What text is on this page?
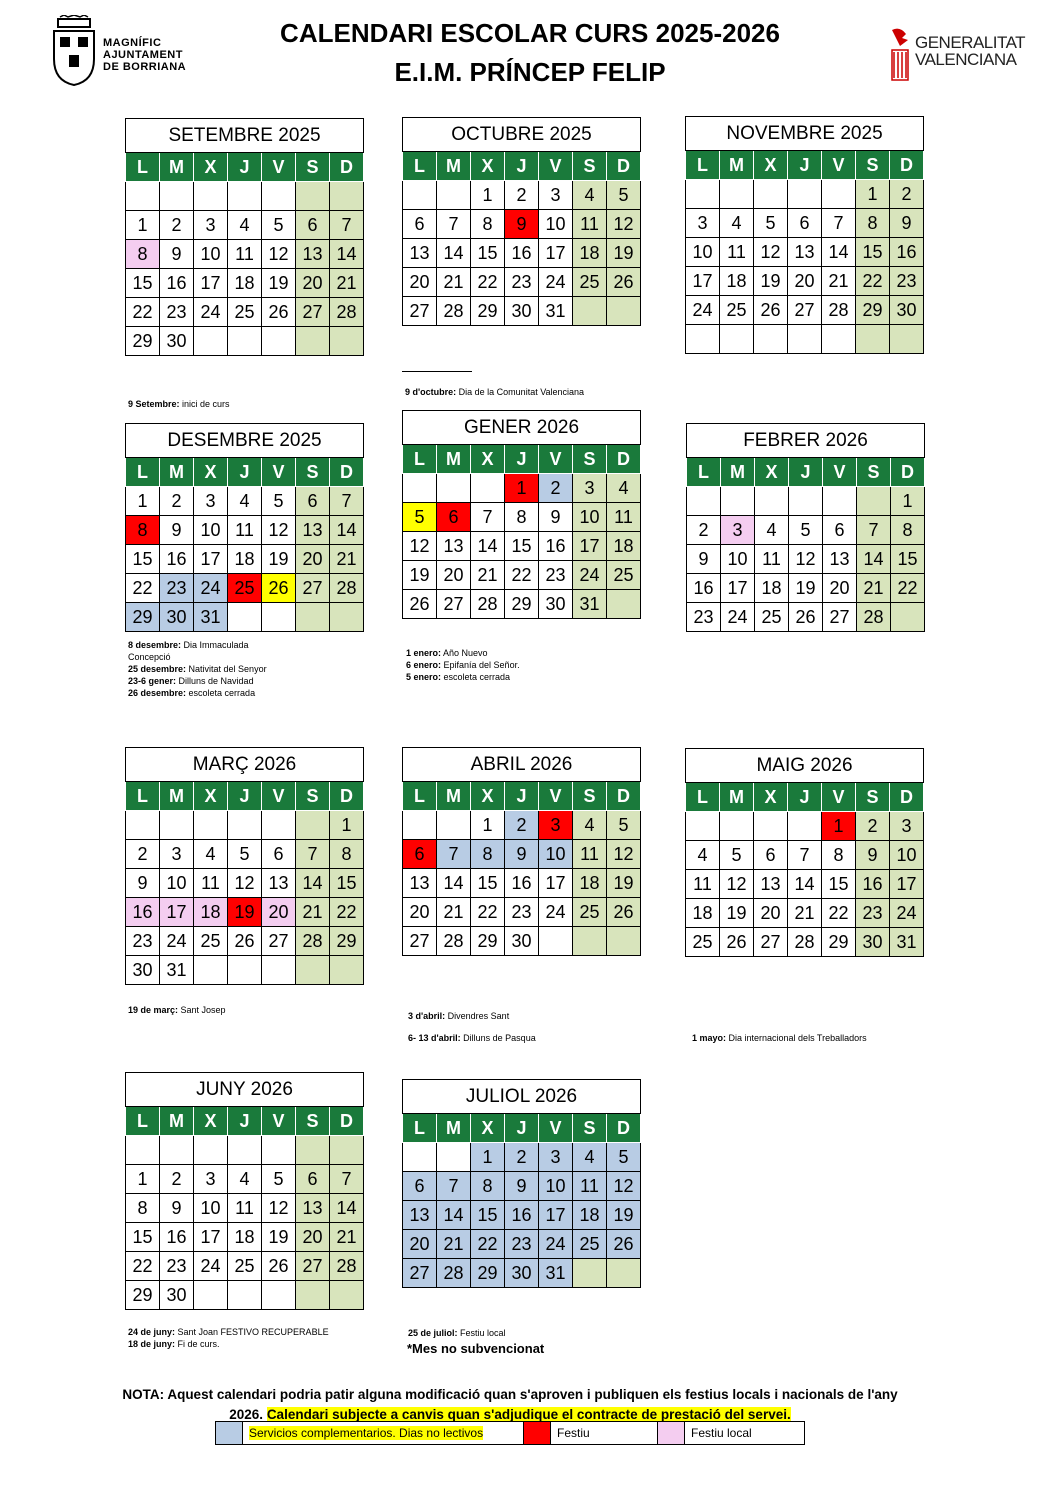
MAGNÍFIC
AJUNTAMENT
DE BORRIANA
CALENDARI ESCOLAR CURS 2025-2026
E.I.M. PRÍNCEP FELIP
GENERALITAT
VALENCIANA
SETEMBRE 2025						
L	M	X	J	V	S	D

1	2	3	4	5	6	7
8	9	10	11	12	13	14
15	16	17	18	19	20	21
22	23	24	25	26	27	28
29	30					
OCTUBRE 2025						
L	M	X	J	V	S	D
		1	2	3	4	5
6	7	8	9	10	11	12
13	14	15	16	17	18	19
20	21	22	23	24	25	26
27	28	29	30	31		
NOVEMBRE 2025						
L	M	X	J	V	S	D
					1	2
3	4	5	6	7	8	9
10	11	12	13	14	15	16
17	18	19	20	21	22	23
24	25	26	27	28	29	30

DESEMBRE 2025						
L	M	X	J	V	S	D
1	2	3	4	5	6	7
8	9	10	11	12	13	14
15	16	17	18	19	20	21
22	23	24	25	26	27	28
29	30	31				
GENER 2026						
L	M	X	J	V	S	D
			1	2	3	4
5	6	7	8	9	10	11
12	13	14	15	16	17	18
19	20	21	22	23	24	25
26	27	28	29	30	31	
FEBRER 2026						
L	M	X	J	V	S	D
						1
2	3	4	5	6	7	8
9	10	11	12	13	14	15
16	17	18	19	20	21	22
23	24	25	26	27	28	
MARÇ 2026						
L	M	X	J	V	S	D
						1
2	3	4	5	6	7	8
9	10	11	12	13	14	15
16	17	18	19	20	21	22
23	24	25	26	27	28	29
30	31					
ABRIL 2026						
L	M	X	J	V	S	D
		1	2	3	4	5
6	7	8	9	10	11	12
13	14	15	16	17	18	19
20	21	22	23	24	25	26
27	28	29	30			
MAIG 2026						
L	M	X	J	V	S	D
				1	2	3
4	5	6	7	8	9	10
11	12	13	14	15	16	17
18	19	20	21	22	23	24
25	26	27	28	29	30	31
JUNY 2026						
L	M	X	J	V	S	D

1	2	3	4	5	6	7
8	9	10	11	12	13	14
15	16	17	18	19	20	21
22	23	24	25	26	27	28
29	30					
JULIOL 2026						
L	M	X	J	V	S	D
		1	2	3	4	5
6	7	8	9	10	11	12
13	14	15	16	17	18	19
20	21	22	23	24	25	26
27	28	29	30	31		
9 Setembre: inici de curs
9 d'octubre: Dia de la Comunitat Valenciana
8 desembre: Dia Immaculada Concepció
25 desembre: Nativitat del Senyor
23-6 gener: Dilluns de Navidad
26 desembre: escoleta cerrada
1 enero: Año Nuevo
6 enero: Epifanía del Señor.
5 enero: escoleta cerrada
19 de març: Sant Josep
3 d'abril: Divendres Sant
6- 13 d'abril: Dilluns de Pasqua	1 mayo: Dia internacional dels Treballadors
24 de juny: Sant Joan FESTIVO RECUPERABLE
18 de juny: Fi de curs.
25 de juliol: Festiu local
*Mes no subvencionat
NOTA: Aquest calendari podria patir alguna modificació quan s'aproven i publiquen els festius locals i nacionals de l'any 2026. Calendari subjecte a canvis quan s'adjudique el contracte de prestació del servei.
	Servicios complementarios. Dias no lectivos		Festiu		Festiu local
